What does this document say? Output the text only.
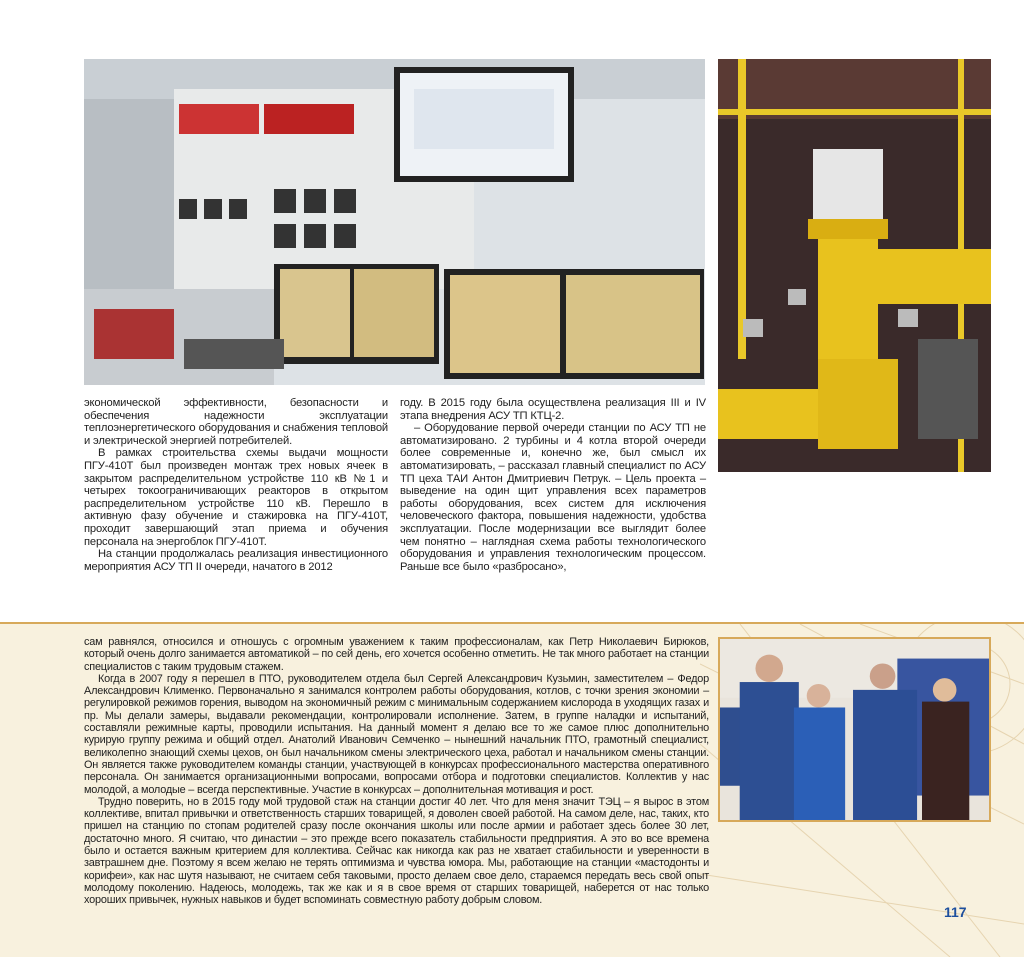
экономической эффективности, безопасности и обеспечения надежности эксплуатации теплоэнергетического оборудования и снабжения тепловой и электрической энергией потребителей.

В рамках строительства схемы выдачи мощности ПГУ-410Т был произведен монтаж трех новых ячеек в закрытом распределительном устройстве 110 кВ №1 и четырех токоограничивающих реакторов в открытом распределительном устройстве 110 кВ. Перешло в активную фазу обучение и стажировка на ПГУ-410Т, проходит завершающий этап приема и обучения персонала на энергоблок ПГУ-410Т.

На станции продолжалась реализация инвестиционного мероприятия АСУ ТП II очереди, начатого в 2012

году. В 2015 году была осуществлена реализация III и IV этапа внедрения АСУ ТП КТЦ-2.

– Оборудование первой очереди станции по АСУ ТП не автоматизировано. 2 турбины и 4 котла второй очереди более современные и, конечно же, был смысл их автоматизировать, – рассказал главный специалист по АСУ ТП цеха ТАИ Антон Дмитриевич Петрук. – Цель проекта – выведение на один щит управления всех параметров работы оборудования, всех систем для исключения человеческого фактора, повышения надежности, удобства эксплуатации. После модернизации все выглядит более чем понятно – наглядная схема работы технологического оборудования и управления технологическим процессом. Раньше все было «разбросано»,

сам равнялся, относился и отношусь с огромным уважением к таким профессионалам, как Петр Николаевич Бирюков, который очень долго занимается автоматикой – по сей день, его хочется особенно отметить. Не так много работает на станции специалистов с таким трудовым стажем.

Когда в 2007 году я перешел в ПТО, руководителем отдела был Сергей Александрович Кузьмин, заместителем – Федор Александрович Клименко. Первоначально я занимался контролем работы оборудования, котлов, с точки зрения экономии – регулировкой режимов горения, выводом на экономичный режим с минимальным содержанием кислорода в уходящих газах и пр. Мы делали замеры, выдавали рекомендации, контролировали исполнение. Затем, в группе наладки и испытаний, составляли режимные карты, проводили испытания. На данный момент я делаю все то же самое плюс дополнительно курирую группу режима и общий отдел. Анатолий Иванович Семченко – нынешний начальник ПТО, грамотный специалист, великолепно знающий схемы цехов, он был начальником смены электрического цеха, работал и начальником смены станции. Он является также руководителем команды станции, участвующей в конкурсах профессионального мастерства оперативного персонала. Он занимается организационными вопросами, вопросами отбора и подготовки специалистов. Коллектив у нас молодой, а молодые – всегда перспективные. Участие в конкурсах – дополнительная мотивация и рост.

Трудно поверить, но в 2015 году мой трудовой стаж на станции достиг 40 лет. Что для меня значит ТЭЦ – я вырос в этом коллективе, впитал привычки и ответственность старших товарищей, я доволен своей работой. На самом деле, нас, таких, кто пришел на станцию по стопам родителей сразу после окончания школы или после армии и работает здесь более 30 лет, достаточно много. Я считаю, что династии – это прежде всего показатель стабильности предприятия. А это во все времена было и остается важным критерием для коллектива. Сейчас как никогда как раз не хватает стабильности и уверенности в завтрашнем дне. Поэтому я всем желаю не терять оптимизма и чувства юмора. Мы, работающие на станции «мастодонты и корифеи», как нас шутя называют, не считаем себя таковыми, просто делаем свое дело, стараемся передать весь свой опыт молодому поколению. Надеюсь, молодежь, так же как и я в свое время от старших товарищей, наберется от нас только хороших привычек, нужных навыков и будет вспоминать совместную работу добрым словом.

117
